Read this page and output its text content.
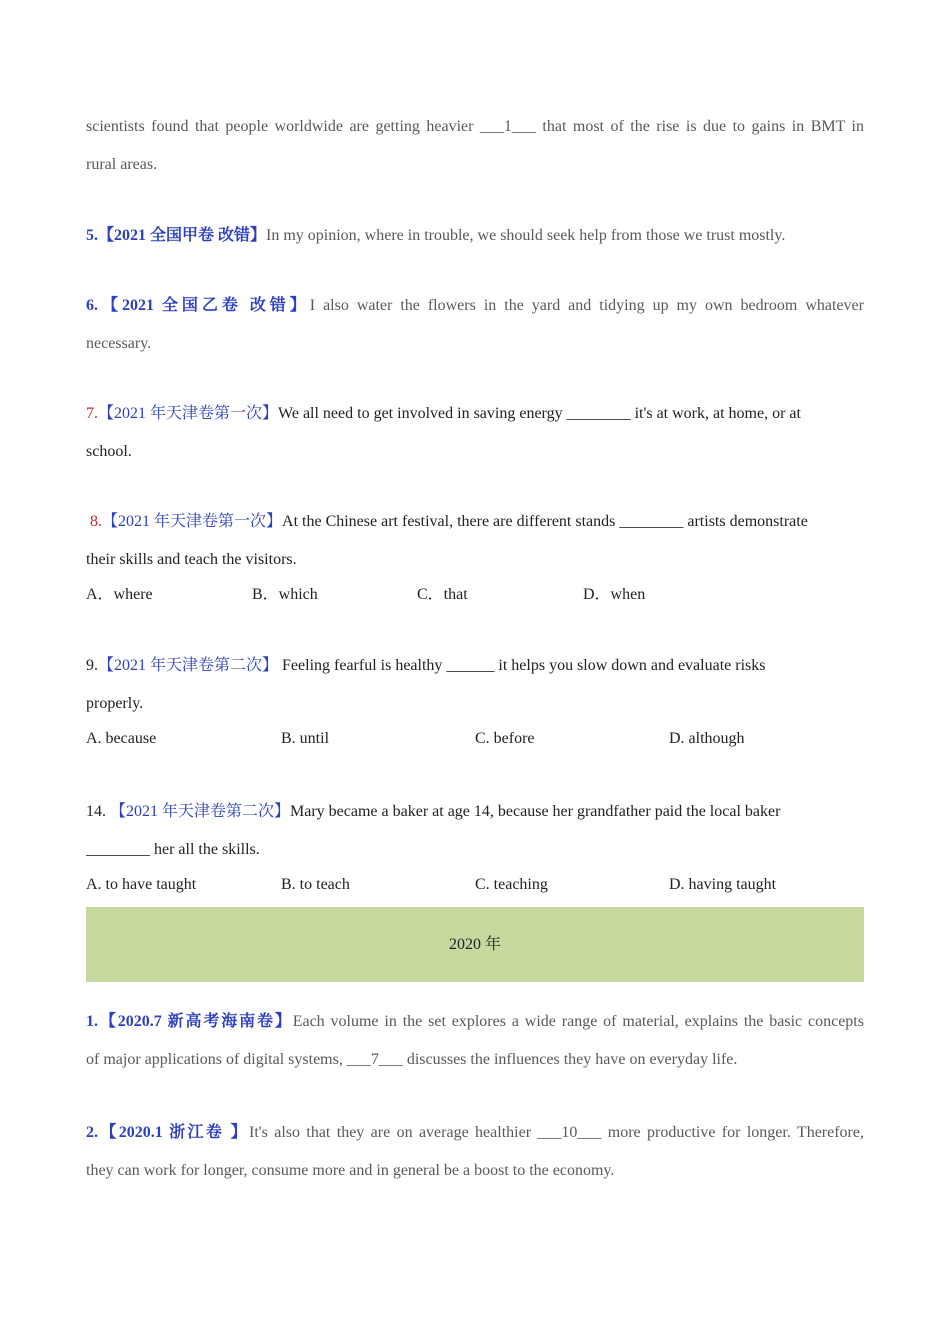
scientists found that people worldwide are getting heavier ___1___ that most of the rise is due to gains in BMT in
rural areas.
5.【2021 全国甲卷 改错】In my opinion, where in trouble, we should seek help from those we trust mostly.
6.【2021 全国乙卷 改错】I also water the flowers in the yard and tidying up my own bedroom whatever
necessary.
7.【2021 年天津卷第一次】We all need to get involved in saving energy ________ it's at work, at home, or at
school.
8.【2021 年天津卷第一次】At the Chinese art festival, there are different stands ________ artists demonstrate
their skills and teach the visitors.
A．where	B．which	C．that	D．when
9.【2021 年天津卷第二次】 Feeling fearful is healthy ______ it helps you slow down and evaluate risks
properly.
A. because	B. until	C. before	D. although
14. 【2021 年天津卷第二次】Mary became a baker at age 14, because her grandfather paid the local baker
________ her all the skills.
A. to have taught	B. to teach	C. teaching	D. having taught
2020 年
1.【2020.7 新高考海南卷】Each volume in the set explores a wide range of material, explains the basic concepts
of major applications of digital systems, ___7___ discusses the influences they have on everyday life.
2.【2020.1 浙江卷 】It's also that they are on average healthier ___10___ more productive for longer. Therefore,
they can work for longer, consume more and in general be a boost to the economy.
